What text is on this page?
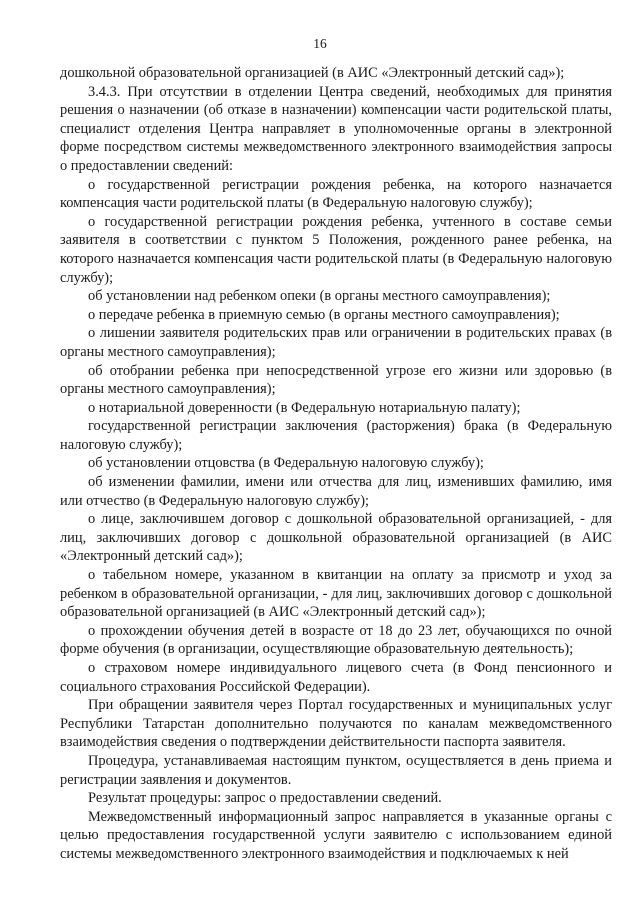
16

дошкольной образовательной организацией (в АИС «Электронный детский сад»);

3.4.3. При отсутствии в отделении Центра сведений, необходимых для принятия решения о назначении (об отказе в назначении) компенсации части родительской платы, специалист отделения Центра направляет в уполномоченные органы в электронной форме посредством системы межведомственного электронного взаимодействия запросы о предоставлении сведений:

о государственной регистрации рождения ребенка, на которого назначается компенсация части родительской платы (в Федеральную налоговую службу);

о государственной регистрации рождения ребенка, учтенного в составе семьи заявителя в соответствии с пунктом 5 Положения, рожденного ранее ребенка, на которого назначается компенсация части родительской платы (в Федеральную налоговую службу);

об установлении над ребенком опеки (в органы местного самоуправления);

о передаче ребенка в приемную семью (в органы местного самоуправления);

о лишении заявителя родительских прав или ограничении в родительских правах (в органы местного самоуправления);

об отобрании ребенка при непосредственной угрозе его жизни или здоровью (в органы местного самоуправления);

о нотариальной доверенности (в Федеральную нотариальную палату);

государственной регистрации заключения (расторжения) брака (в Федеральную налоговую службу);

об установлении отцовства (в Федеральную налоговую службу);

об изменении фамилии, имени или отчества для лиц, изменивших фамилию, имя или отчество (в Федеральную налоговую службу);

о лице, заключившем договор с дошкольной образовательной организацией, - для лиц, заключивших договор с дошкольной образовательной организацией (в АИС «Электронный детский сад»);

о табельном номере, указанном в квитанции на оплату за присмотр и уход за ребенком в образовательной организации, - для лиц, заключивших договор с дошкольной образовательной организацией (в АИС «Электронный детский сад»);

о прохождении обучения детей в возрасте от 18 до 23 лет, обучающихся по очной форме обучения (в организации, осуществляющие образовательную деятельность);

о страховом номере индивидуального лицевого счета (в Фонд пенсионного и социального страхования Российской Федерации).

При обращении заявителя через Портал государственных и муниципальных услуг Республики Татарстан дополнительно получаются по каналам межведомственного взаимодействия сведения о подтверждении действительности паспорта заявителя.

Процедура, устанавливаемая настоящим пунктом, осуществляется в день приема и регистрации заявления и документов.

Результат процедуры: запрос о предоставлении сведений.

Межведомственный информационный запрос направляется в указанные органы с целью предоставления государственной услуги заявителю с использованием единой системы межведомственного электронного взаимодействия и подключаемых к ней
